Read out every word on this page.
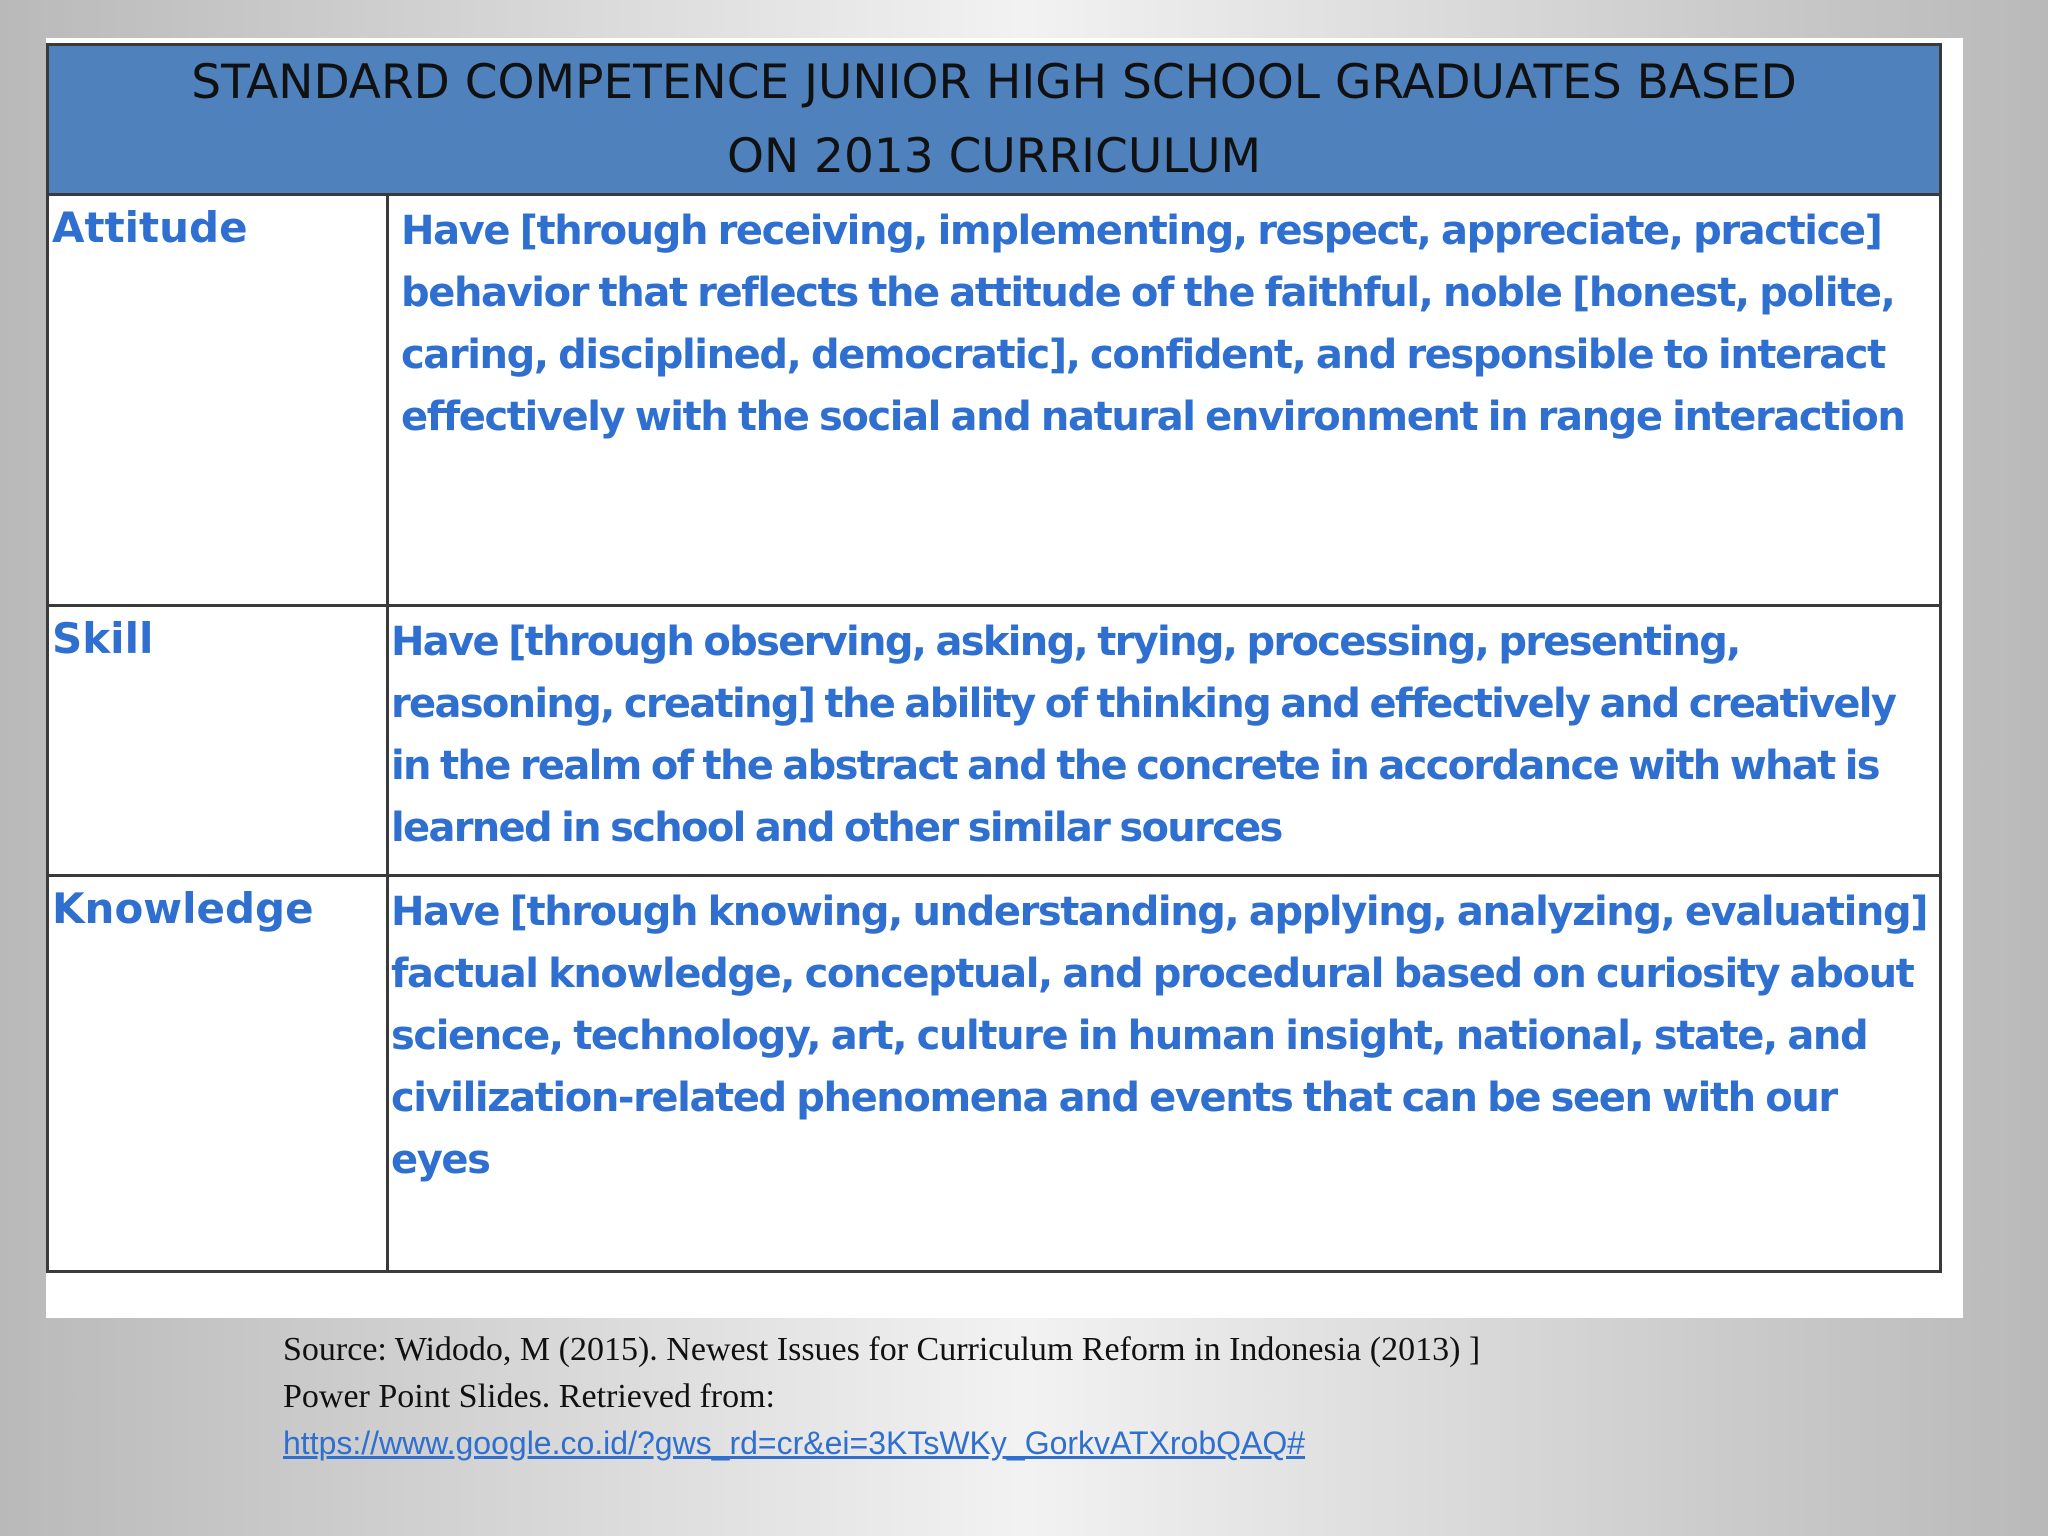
STANDARD COMPETENCE JUNIOR HIGH SCHOOL GRADUATES BASED
ON 2013 CURRICULUM
Attitude	Have [through receiving, implementing, respect, appreciate, practice] behavior that reflects the attitude of the faithful, noble [honest, polite, caring, disciplined, democratic], confident, and responsible to interact effectively with the social and natural environment in range interaction
Skill	Have [through observing, asking, trying, processing, presenting, reasoning, creating] the ability of thinking and effectively and creatively in the realm of the abstract and the concrete in accordance with what is learned in school and other similar sources
Knowledge	Have [through knowing, understanding, applying, analyzing, evaluating] factual knowledge, conceptual, and procedural based on curiosity about science, technology, art, culture in human insight, national, state, and civilization-related phenomena and events that can be seen with our eyes
Source: Widodo, M (2015). Newest Issues for Curriculum Reform in Indonesia (2013) ]
Power Point Slides. Retrieved from:
https://www.google.co.id/?gws_rd=cr&ei=3KTsWKy_GorkvATXrobQAQ#
